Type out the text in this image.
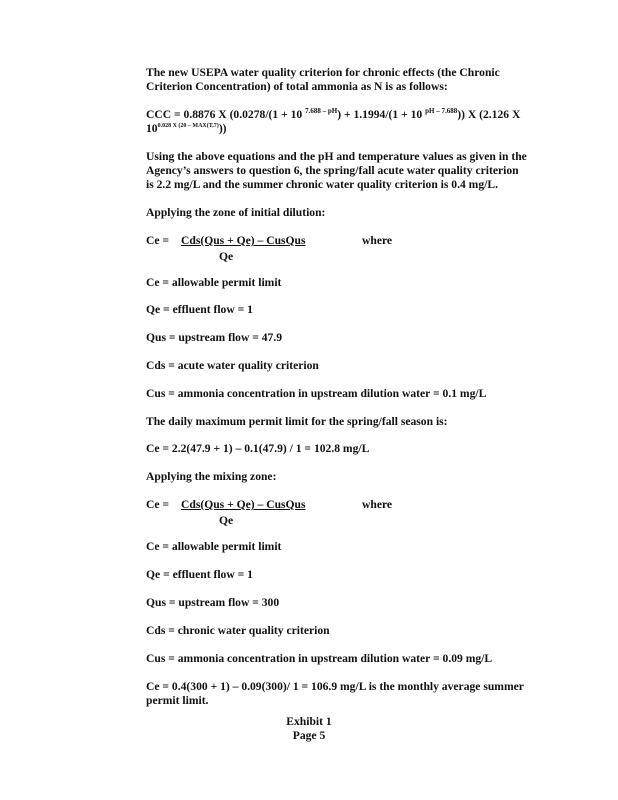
The new USEPA water quality criterion for chronic effects (the Chronic
Criterion Concentration) of total ammonia as N is as follows:
CCC = 0.8876 X (0.0278/(1 + 10 $^{7.688 - pH}$) + 1.1994/(1 + 10 $^{pH - 7.688}$)) X (2.126 X
$10^{0.028 X (20 - MAX(T,7)}$))
Using the above equations and the pH and temperature values as given in the
Agency’s answers to question 6, the spring/fall acute water quality criterion
is 2.2 mg/L and the summer chronic water quality criterion is 0.4 mg/L.
Applying the zone of initial dilution:
Ce = Cds(Qus + Qe) – CusQus
Qe
where
Ce = allowable permit limit
Qe = effluent flow = 1
Qus = upstream flow = 47.9
Cds = acute water quality criterion
Cus = ammonia concentration in upstream dilution water = 0.1 mg/L
The daily maximum permit limit for the spring/fall season is:
Ce = 2.2(47.9 + 1) – 0.1(47.9) / 1 = 102.8 mg/L
Applying the mixing zone:
Ce = Cds(Qus + Qe) – CusQus
Qe
where
Ce = allowable permit limit
Qe = effluent flow = 1
Qus = upstream flow = 300
Cds = chronic water quality criterion
Cus = ammonia concentration in upstream dilution water = 0.09 mg/L
Ce = 0.4(300 + 1) – 0.09(300)/ 1 = 106.9 mg/L is the monthly average summer
permit limit.
Exhibit 1
Page 5
